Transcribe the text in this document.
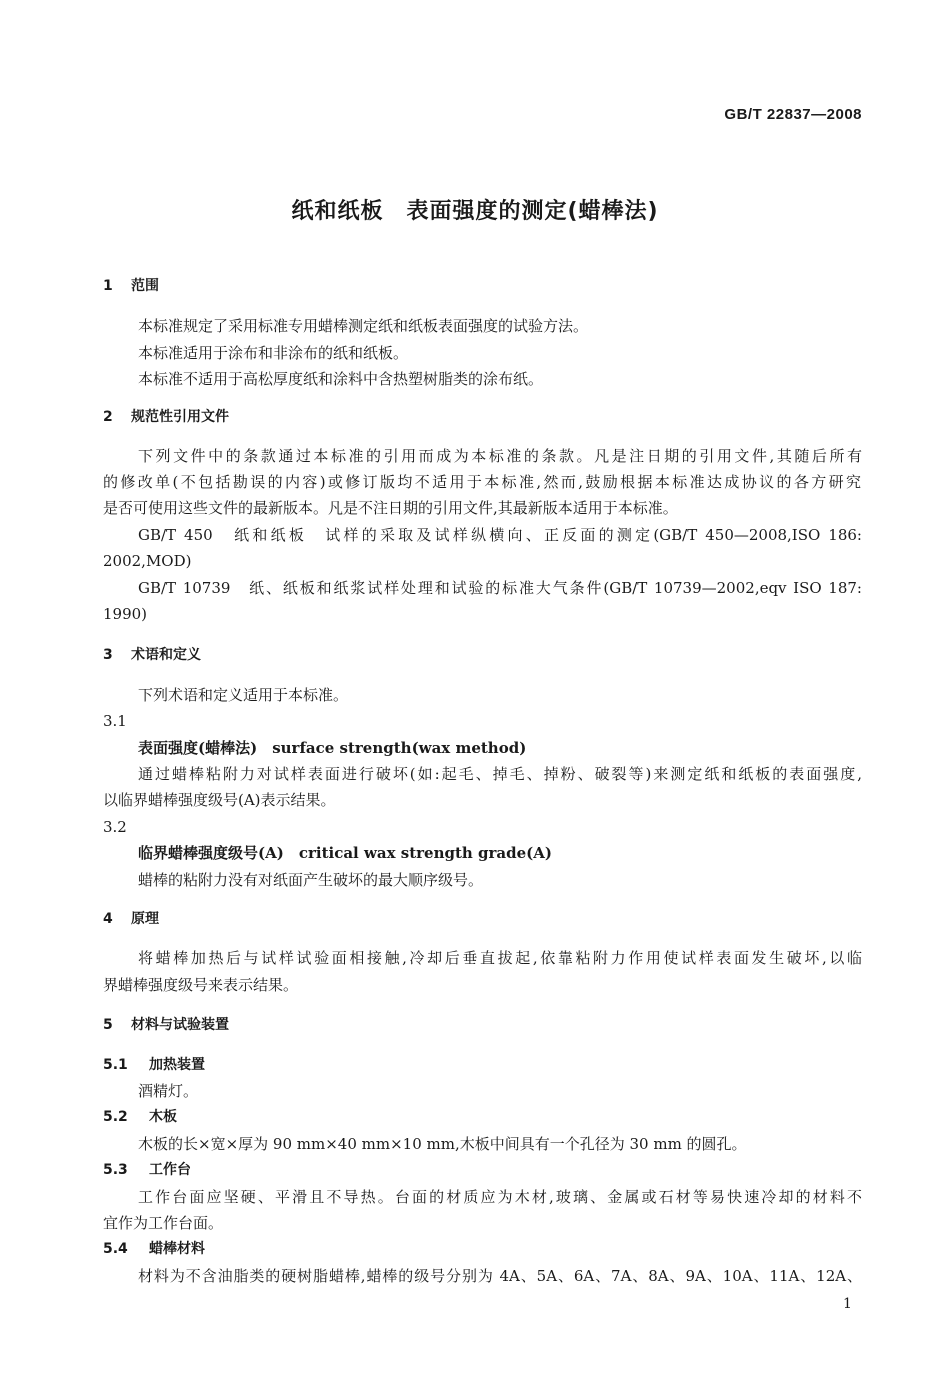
GB/T 22837—2008
纸和纸板　表面强度的测定(蜡棒法)
1 范围
本标准规定了采用标准专用蜡棒测定纸和纸板表面强度的试验方法。
本标准适用于涂布和非涂布的纸和纸板。
本标准不适用于高松厚度纸和涂料中含热塑树脂类的涂布纸。
2 规范性引用文件
下列文件中的条款通过本标准的引用而成为本标准的条款。凡是注日期的引用文件,其随后所有
的修改单(不包括勘误的内容)或修订版均不适用于本标准,然而,鼓励根据本标准达成协议的各方研究
是否可使用这些文件的最新版本。凡是不注日期的引用文件,其最新版本适用于本标准。
GB/T 450　纸和纸板　试样的采取及试样纵横向、正反面的测定(GB/T 450—2008,ISO 186:
2002,MOD)
GB/T 10739　纸、纸板和纸浆试样处理和试验的标准大气条件(GB/T 10739—2002,eqv ISO 187:
1990)
3 术语和定义
下列术语和定义适用于本标准。
3.1
表面强度(蜡棒法)　surface strength(wax method)
通过蜡棒粘附力对试样表面进行破坏(如:起毛、掉毛、掉粉、破裂等)来测定纸和纸板的表面强度,
以临界蜡棒强度级号(A)表示结果。
3.2
临界蜡棒强度级号(A)　critical wax strength grade(A)
蜡棒的粘附力没有对纸面产生破坏的最大顺序级号。
4 原理
将蜡棒加热后与试样试验面相接触,冷却后垂直拔起,依靠粘附力作用使试样表面发生破坏,以临
界蜡棒强度级号来表示结果。
5 材料与试验装置
5.1 加热装置
酒精灯。
5.2 木板
木板的长×宽×厚为 90 mm×40 mm×10 mm,木板中间具有一个孔径为 30 mm 的圆孔。
5.3 工作台
工作台面应坚硬、平滑且不导热。台面的材质应为木材,玻璃、金属或石材等易快速冷却的材料不
宜作为工作台面。
5.4 蜡棒材料
材料为不含油脂类的硬树脂蜡棒,蜡棒的级号分别为 4A、5A、6A、7A、8A、9A、10A、11A、12A、
1
